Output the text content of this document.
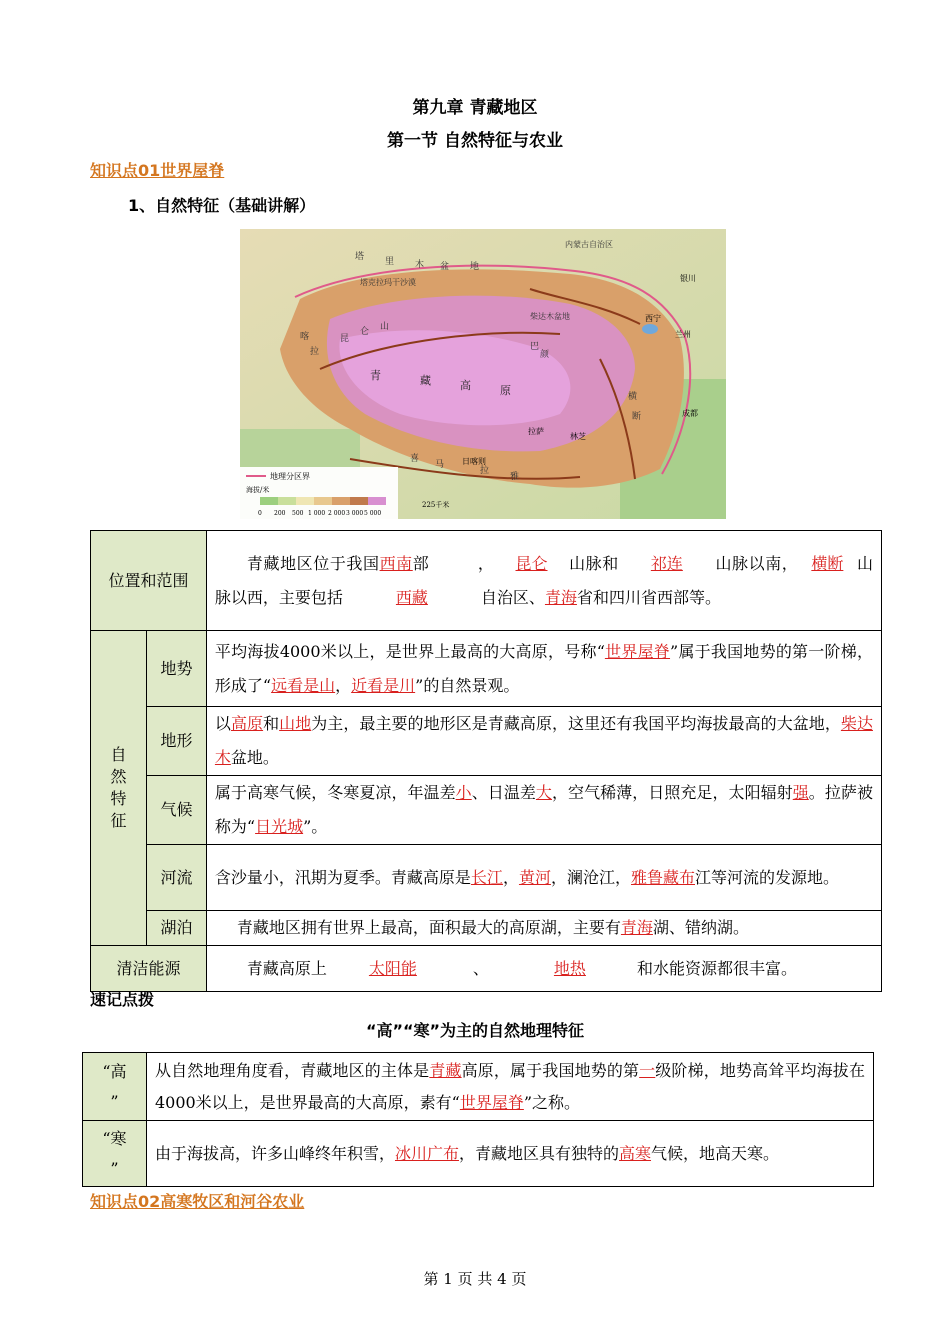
第九章 青藏地区
第一节 自然特征与农业
知识点01世界屋脊
1、自然特征（基础讲解）
地理分区界
海拔/米
0 200 500 1 000 2 000 3 000 5 000
225千米
塔 里 木 盆 地
塔克拉玛干沙漠
青	藏	高	原
拉萨
日喀则
林芝
成都
兰州
西宁
银川
昆
仑 山
巴
颜
喀
拉
喜
马
拉
雅
横
断
内蒙古自治区
柴达木盆地
位置和范围		青藏地区位于我国西南部 ， 昆仑 山脉和 祁连 山脉以南， 横断 山脉以西，主要包括 西藏 自治区、青海省和四川省西部等。
自然特征	地势	平均海拔4000米以上，是世界上最高的大高原，号称“世界屋脊”属于我国地势的第一阶梯，形成了“远看是山，近看是川”的自然景观。
	地形	以高原和山地为主，最主要的地形区是青藏高原，这里还有我国平均海拔最高的大盆地，柴达木盆地。
	气候	属于高寒气候，冬寒夏凉，年温差小、日温差大，空气稀薄，日照充足，太阳辐射强。拉萨被称为“日光城”。
	河流	含沙量小，汛期为夏季。青藏高原是长江，黄河，澜沧江，雅鲁藏布江等河流的发源地。
	湖泊	青藏地区拥有世界上最高，面积最大的高原湖，主要有青海湖、错纳湖。
清洁能源		青藏高原上 太阳能 、 地热 和水能资源都很丰富。
速记点拨
“高”“寒”为主的自然地理特征
“高
”	从自然地理角度看，青藏地区的主体是青藏高原，属于我国地势的第一级阶梯，地势高耸平均海拔在4000米以上，是世界最高的大高原，素有“世界屋脊”之称。

“寒
”	由于海拔高，许多山峰终年积雪，冰川广布，青藏地区具有独特的高寒气候，地高天寒。
知识点02高寒牧区和河谷农业
第 1 页 共 4 页
